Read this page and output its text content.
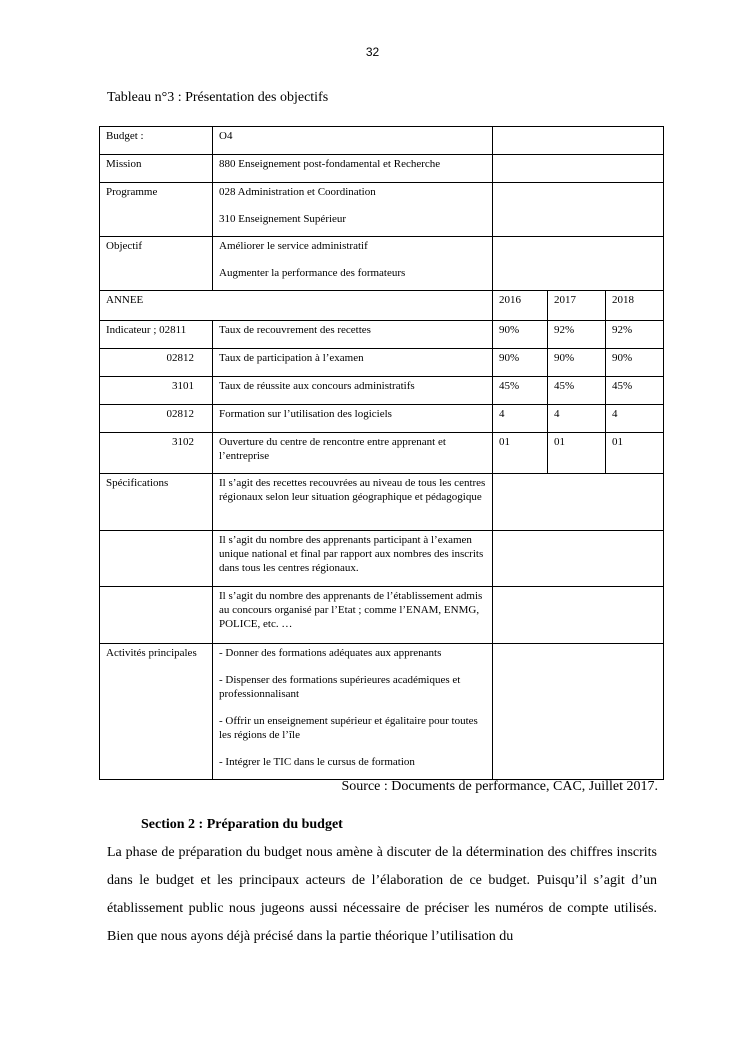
32
Tableau n°3 : Présentation des objectifs
Budget :	O4			
Mission	880 Enseignement post-fondamental et Recherche			
Programme	028 Administration et Coordination

310 Enseignement Supérieur			

Objectif	Améliorer le service administratif

Augmenter la performance des formateurs			

ANNEE		2016	2017	2018
Indicateur ; 02811	Taux de recouvrement des recettes	90%	92%	92%
02812	Taux de participation à l’examen	90%	90%	90%
3101	Taux de réussite aux concours administratifs	45%	45%	45%
02812	Formation sur l’utilisation des logiciels	4	4	4
3102	Ouverture du centre de rencontre entre apprenant et l’entreprise	01	01	01
Spécifications	Il s’agit des recettes recouvrées au niveau de tous les centres régionaux selon leur situation géographique et pédagogique			
	Il s’agit du nombre des apprenants participant à l’examen unique national et final par rapport aux nombres des inscrits dans tous les centres régionaux.			
	Il s’agit du nombre des apprenants de l’établissement admis au concours organisé par l’Etat ; comme l’ENAM, ENMG, POLICE, etc. …			
Activités principales	- Donner des formations adéquates aux apprenants

- Dispenser des formations supérieures académiques et professionnalisant

- Offrir un enseignement supérieur et égalitaire pour toutes les régions de l’île

- Intégrer le TIC dans le cursus de formation			

Source : Documents de performance, CAC, Juillet 2017.
Section 2 : Préparation du budget

La phase de préparation du budget nous amène à discuter de la détermination des chiffres inscrits dans le budget et les principaux acteurs de l’élaboration de ce budget. Puisqu’il s’agit d’un établissement public nous jugeons aussi nécessaire de préciser les numéros de compte utilisés. Bien que nous ayons déjà précisé dans la partie théorique l’utilisation du
